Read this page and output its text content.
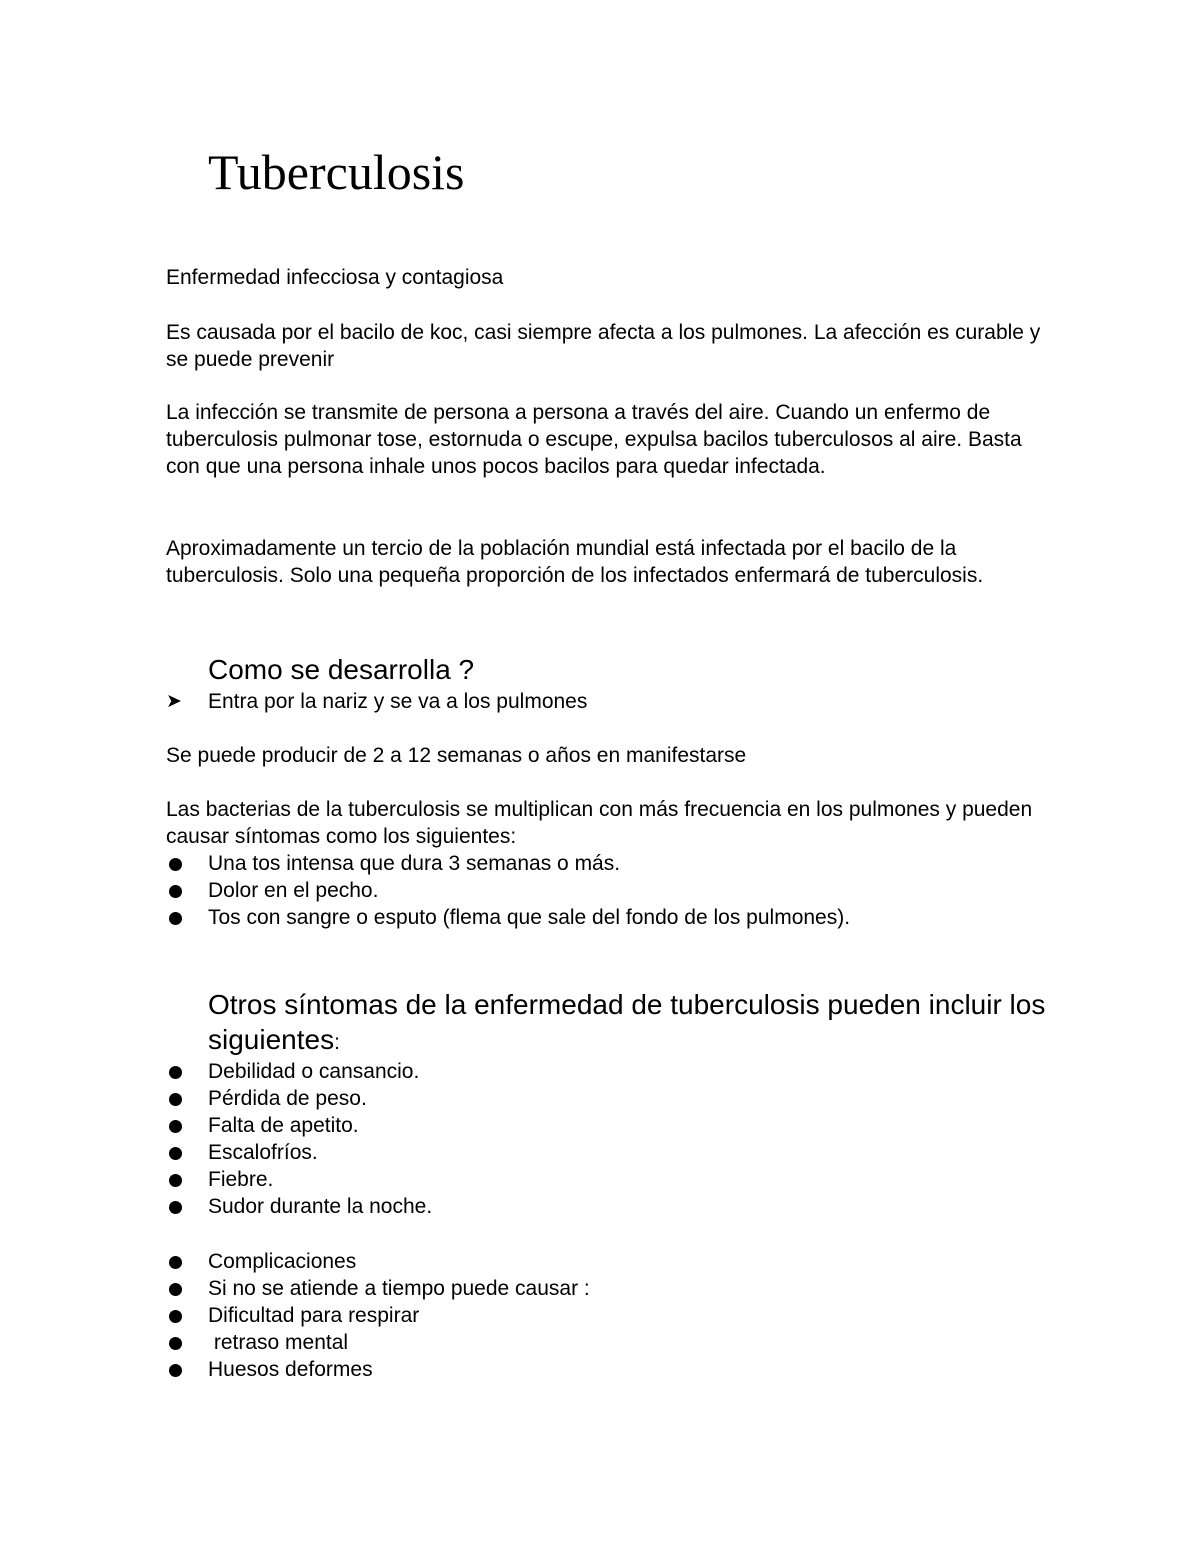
Tuberculosis

Enfermedad infecciosa y contagiosa

Es causada por el bacilo de koc, casi siempre afecta a los pulmones. La afección es curable y se puede prevenir

La infección se transmite de persona a persona a través del aire. Cuando un enfermo de tuberculosis pulmonar tose, estornuda o escupe, expulsa bacilos tuberculosos al aire. Basta con que una persona inhale unos pocos bacilos para quedar infectada.

Aproximadamente un tercio de la población mundial está infectada por el bacilo de la tuberculosis. Solo una pequeña proporción de los infectados enfermará de tuberculosis.

Como se desarrolla ?
➤ Entra por la nariz y se va a los pulmones

Se puede producir de 2 a 12 semanas o años en manifestarse

Las bacterias de la tuberculosis se multiplican con más frecuencia en los pulmones y pueden causar síntomas como los siguientes:

Una tos intensa que dura 3 semanas o más.
Dolor en el pecho.
Tos con sangre o esputo (flema que sale del fondo de los pulmones).
Otros síntomas de la enfermedad de tuberculosis pueden incluir los siguientes:
Debilidad o cansancio.
Pérdida de peso.
Falta de apetito.
Escalofríos.
Fiebre.
Sudor durante la noche.
Complicaciones
Si no se atiende a tiempo puede causar :
Dificultad para respirar
retraso mental
Huesos deformes
